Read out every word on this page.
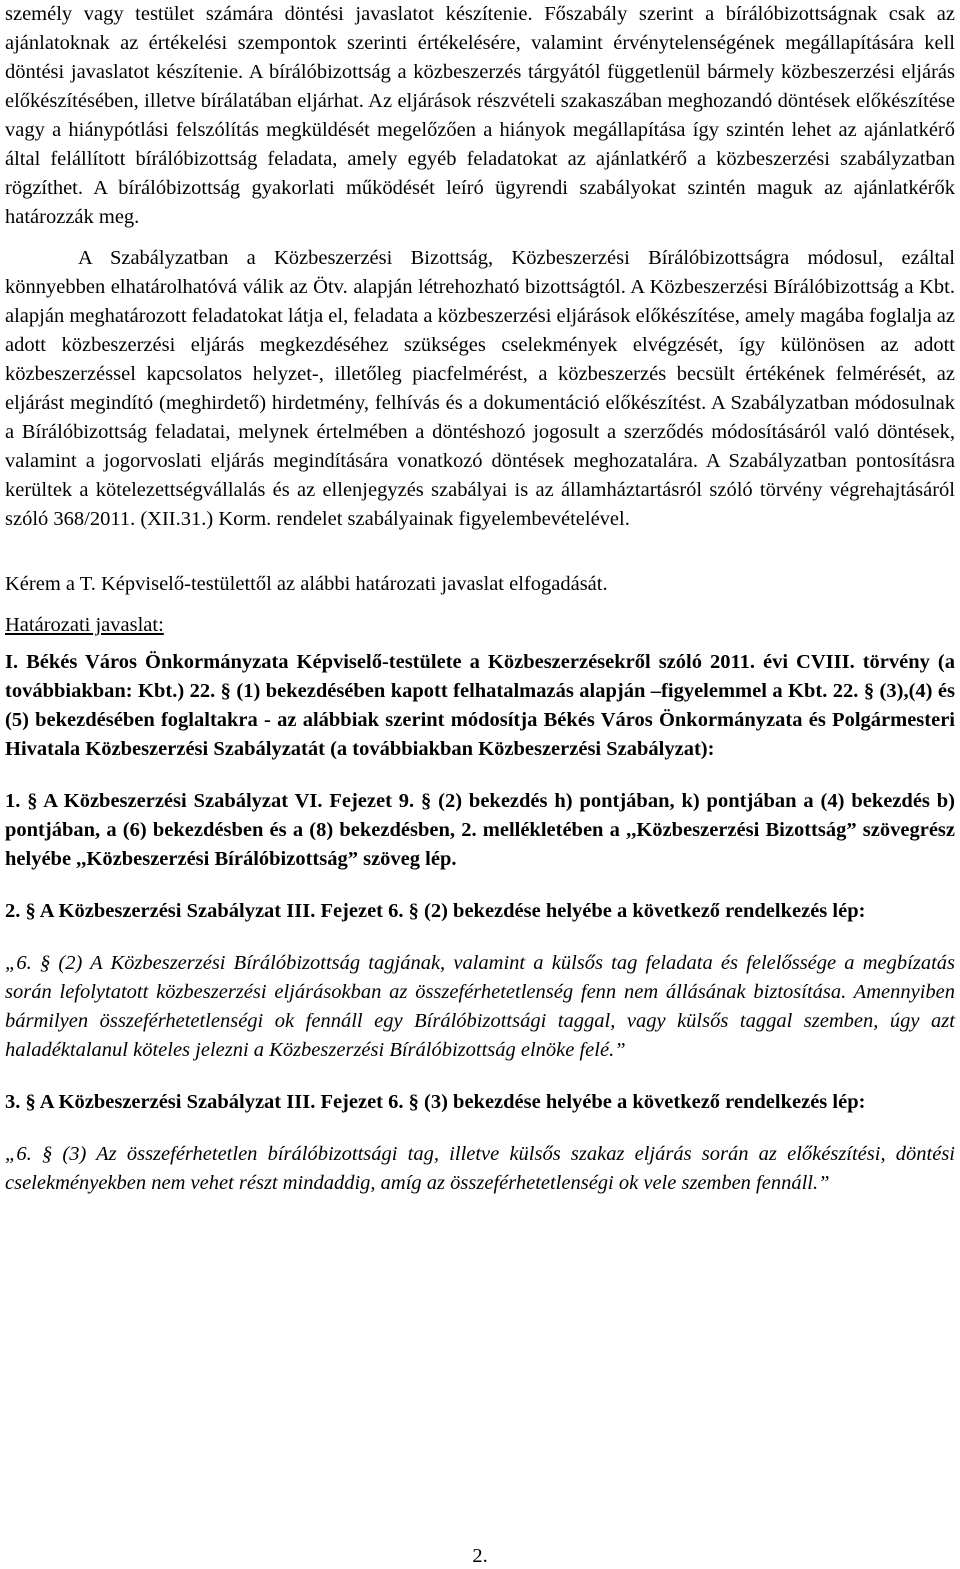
személy vagy testület számára döntési javaslatot készítenie. Főszabály szerint a bírálóbizottságnak csak az ajánlatoknak az értékelési szempontok szerinti értékelésére, valamint érvénytelenségének megállapítására kell döntési javaslatot készítenie. A bírálóbizottság a közbeszerzés tárgyától függetlenül bármely közbeszerzési eljárás előkészítésében, illetve bírálatában eljárhat. Az eljárások részvételi szakaszában meghozandó döntések előkészítése vagy a hiánypótlási felszólítás megküldését megelőzően a hiányok megállapítása így szintén lehet az ajánlatkérő által felállított bírálóbizottság feladata, amely egyéb feladatokat az ajánlatkérő a közbeszerzési szabályzatban rögzíthet. A bírálóbizottság gyakorlati működését leíró ügyrendi szabályokat szintén maguk az ajánlatkérők határozzák meg.

A Szabályzatban a Közbeszerzési Bizottság, Közbeszerzési Bírálóbizottságra módosul, ezáltal könnyebben elhatárolhatóvá válik az Ötv. alapján létrehozható bizottságtól. A Közbeszerzési Bírálóbizottság a Kbt. alapján meghatározott feladatokat látja el, feladata a közbeszerzési eljárások előkészítése, amely magába foglalja az adott közbeszerzési eljárás megkezdéséhez szükséges cselekmények elvégzését, így különösen az adott közbeszerzéssel kapcsolatos helyzet-, illetőleg piacfelmérést, a közbeszerzés becsült értékének felmérését, az eljárást megindító (meghirdető) hirdetmény, felhívás és a dokumentáció előkészítést. A Szabályzatban módosulnak a Bírálóbizottság feladatai, melynek értelmében a döntéshozó jogosult a szerződés módosításáról való döntések, valamint a jogorvoslati eljárás megindítására vonatkozó döntések meghozatalára. A Szabályzatban pontosításra kerültek a kötelezettségvállalás és az ellenjegyzés szabályai is az államháztartásról szóló törvény végrehajtásáról szóló 368/2011. (XII.31.) Korm. rendelet szabályainak figyelembevételével.

Kérem a T. Képviselő-testülettől az alábbi határozati javaslat elfogadását.

Határozati javaslat:

I. Békés Város Önkormányzata Képviselő-testülete a Közbeszerzésekről szóló 2011. évi CVIII. törvény (a továbbiakban: Kbt.) 22. § (1) bekezdésében kapott felhatalmazás alapján –figyelemmel a Kbt. 22. § (3),(4) és (5) bekezdésében foglaltakra - az alábbiak szerint módosítja Békés Város Önkormányzata és Polgármesteri Hivatala Közbeszerzési Szabályzatát (a továbbiakban Közbeszerzési Szabályzat):

1. § A Közbeszerzési Szabályzat VI. Fejezet 9. § (2) bekezdés h) pontjában, k) pontjában a (4) bekezdés b) pontjában, a (6) bekezdésben és a (8) bekezdésben, 2. mellékletében a ,,Közbeszerzési Bizottság” szövegrész helyébe ,,Közbeszerzési Bírálóbizottság” szöveg lép.

2. § A Közbeszerzési Szabályzat III. Fejezet 6. § (2) bekezdése helyébe a következő rendelkezés lép:

„6. § (2) A Közbeszerzési Bírálóbizottság tagjának, valamint a külsős tag feladata és felelőssége a megbízatás során lefolytatott közbeszerzési eljárásokban az összeférhetetlenség fenn nem állásának biztosítása. Amennyiben bármilyen összeférhetetlenségi ok fennáll egy Bírálóbizottsági taggal, vagy külsős taggal szemben, úgy azt haladéktalanul köteles jelezni a Közbeszerzési Bírálóbizottság elnöke felé.”

3. § A Közbeszerzési Szabályzat III. Fejezet 6. § (3) bekezdése helyébe a következő rendelkezés lép:

„6. § (3) Az összeférhetetlen bírálóbizottsági tag, illetve külsős szakaz eljárás során az előkészítési, döntési cselekményekben nem vehet részt mindaddig, amíg az összeférhetetlenségi ok vele szemben fennáll.”

2.
